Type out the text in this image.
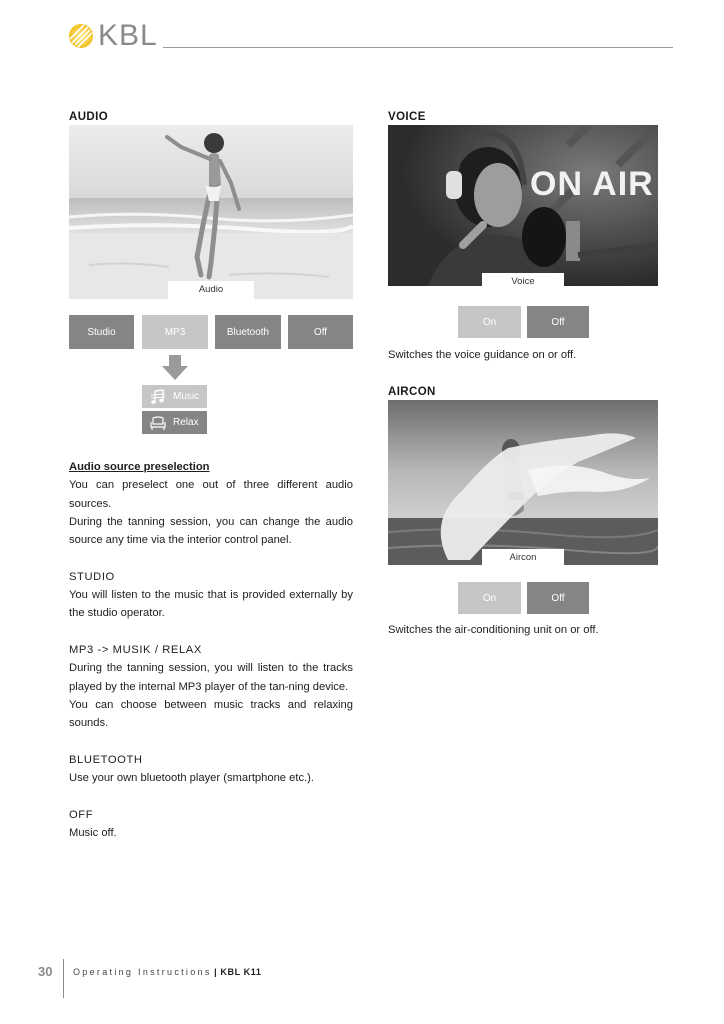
KBL
AUDIO
Audio
Studio	MP3	Bluetooth	Off
Music
Relax

Audio source preselection

You can preselect one out of three different audio sources.

During the tanning session, you can change the audio source any time via the interior control panel.

STUDIO

You will listen to the music that is provided externally by the studio operator.

MP3 -> MUSIK / RELAX

During the tanning session, you will listen to the tracks played by the internal MP3 player of the tan-ning device.

You can choose between music tracks and relaxing sounds.

BLUETOOTH

Use your own bluetooth player (smartphone etc.).

OFF

Music off.

VOICE
ON AIR
Voice
On	Off
Switches the voice guidance on or off.
AIRCON
Aircon
On	Off
Switches the air-conditioning unit on or off.
30 Operating Instructions | KBL K11
